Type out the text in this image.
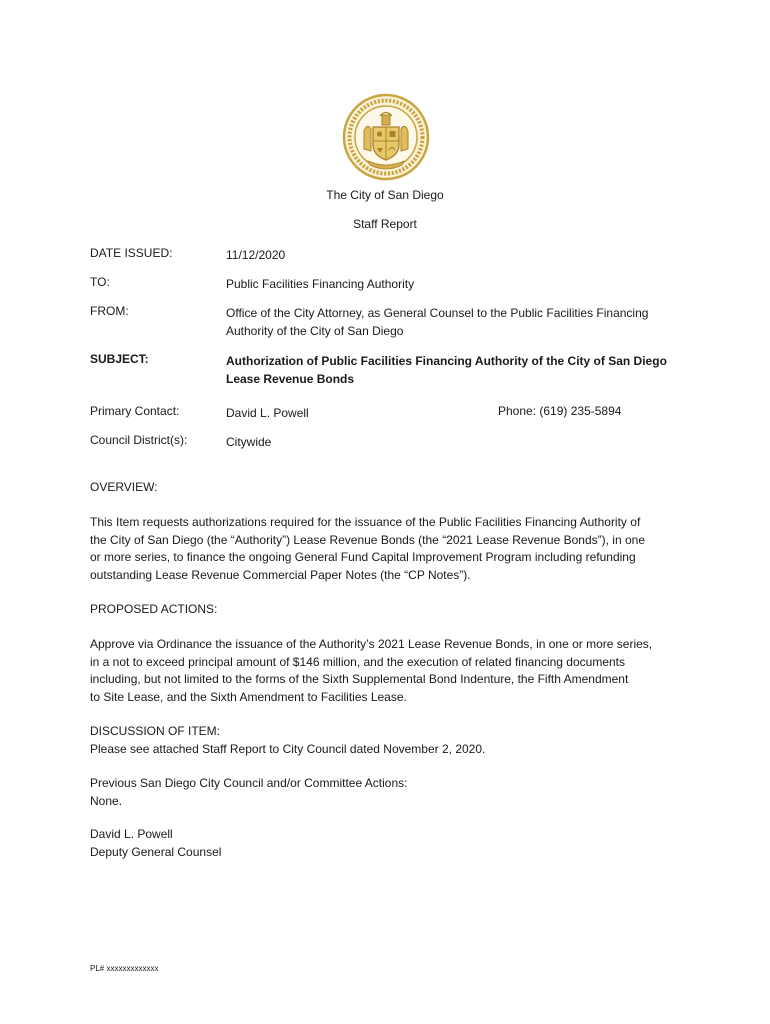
The City of San Diego
Staff Report
DATE ISSUED:	11/12/2020
TO:	Public Facilities Financing Authority
FROM:	Office of the City Attorney, as General Counsel to the Public Facilities Financing
Authority of the City of San Diego
SUBJECT:	Authorization of Public Facilities Financing Authority of the City of San Diego
Lease Revenue Bonds
Primary Contact:	David L. Powell	Phone: (619) 235-5894
Council District(s):	Citywide
OVERVIEW:
This Item requests authorizations required for the issuance of the Public Facilities Financing Authority of
the City of San Diego (the “Authority”) Lease Revenue Bonds (the “2021 Lease Revenue Bonds”), in one
or more series, to finance the ongoing General Fund Capital Improvement Program including refunding
outstanding Lease Revenue Commercial Paper Notes (the “CP Notes”).
PROPOSED ACTIONS:
Approve via Ordinance the issuance of the Authority’s 2021 Lease Revenue Bonds, in one or more series,
in a not to exceed principal amount of $146 million, and the execution of related financing documents
including, but not limited to the forms of the Sixth Supplemental Bond Indenture, the Fifth Amendment
to Site Lease, and the Sixth Amendment to Facilities Lease.
DISCUSSION OF ITEM:
Please see attached Staff Report to City Council dated November 2, 2020.
Previous San Diego City Council and/or Committee Actions:
None.
David L. Powell
Deputy General Counsel
PL# xxxxxxxxxxxxx
